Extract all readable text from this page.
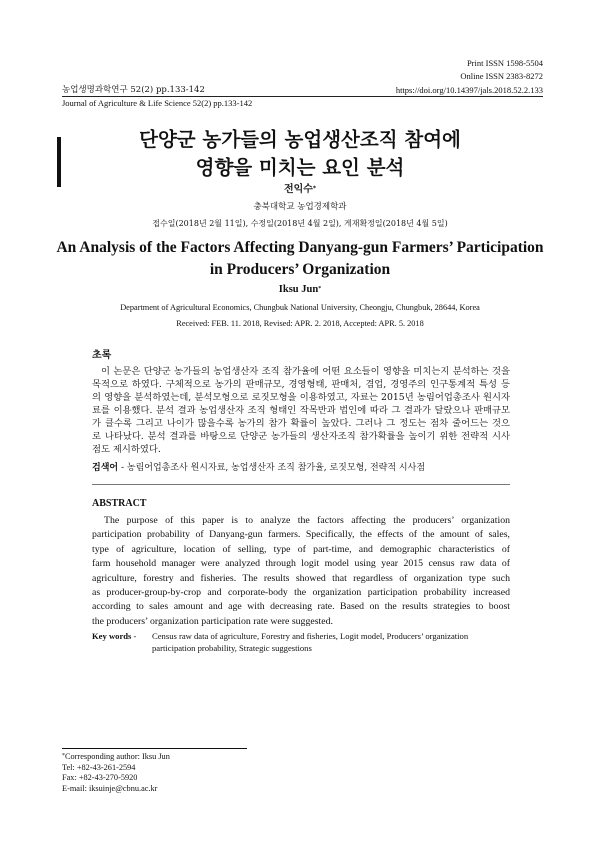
Print ISSN 1598-5504
Online ISSN 2383-8272
농업생명과학연구 52(2) pp.133-142	https://doi.org/10.14397/jals.2018.52.2.133
Journal of Agriculture & Life Science 52(2) pp.133-142
단양군 농가들의 농업생산조직 참여에
영향을 미치는 요인 분석
전익수*
충북대학교 농업경제학과
접수일(2018년 2월 11일), 수정일(2018년 4월 2일), 게재확정일(2018년 4월 5일)
An Analysis of the Factors Affecting Danyang-gun Farmers’ Participation
in Producers’ Organization
Iksu Jun*
Department of Agricultural Economics, Chungbuk National University, Cheongju, Chungbuk, 28644, Korea
Received: FEB. 11. 2018, Revised: APR. 2. 2018, Accepted: APR. 5. 2018
초록
이 논문은 단양군 농가들의 농업생산자 조직 참가율에 어떤 요소들이 영향을 미치는지 분석하는 것을
목적으로 하였다. 구체적으로 농가의 판매규모, 경영형태, 판매처, 겸업, 경영주의 인구통계적 특성 등
의 영향을 분석하였는데, 분석모형으로 로짓모형을 이용하였고, 자료는 2015년 농림어업총조사 원시자
료를 이용했다. 분석 결과 농업생산자 조직 형태인 작목반과 법인에 따라 그 결과가 달랐으나 판매규모
가 클수록 그리고 나이가 많을수록 농가의 참가 확률이 높았다. 그러나 그 정도는 점차 줄어드는 것으
로 나타났다. 분석 결과를 바탕으로 단양군 농가들의 생산자조직 참가확률을 높이기 위한 전략적 시사
점도 제시하였다.
검색어 - 농림어업총조사 원시자료, 농업생산자 조직 참가율, 로짓모형, 전략적 시사점
ABSTRACT
The purpose of this paper is to analyze the factors affecting the producers’ organization
participation probability of Danyang-gun farmers. Specifically, the effects of the amount of sales,
type of agriculture, location of selling, type of part-time, and demographic characteristics of
farm household manager were analyzed through logit model using year 2015 census raw data of
agriculture, forestry and fisheries. The results showed that regardless of organization type such
as producer-group-by-crop and corporate-body the organization participation probability increased
according to sales amount and age with decreasing rate. Based on the results strategies to boost
the producers’ organization participation rate were suggested.
Key words -	Census raw data of agriculture, Forestry and fisheries, Logit model, Producers’ organization
participation probability, Strategic suggestions
*Corresponding author: Iksu Jun
Tel: +82-43-261-2594
Fax: +82-43-270-5920
E-mail: iksuinje@cbnu.ac.kr
